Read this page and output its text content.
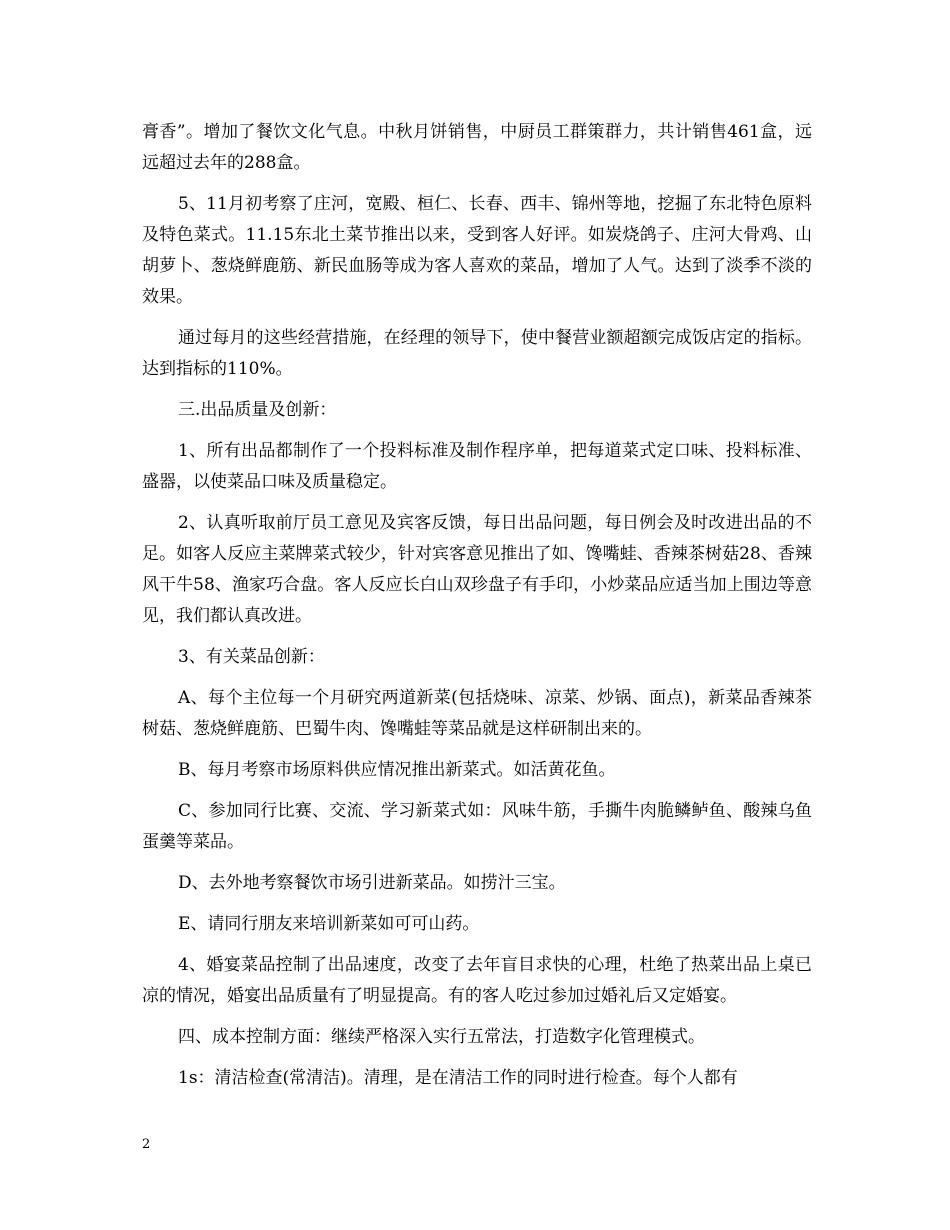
膏香”。增加了餐饮文化气息。中秋月饼销售，中厨员工群策群力，共计销售461盒，远远超过去年的288盒。

5、11月初考察了庄河，宽殿、桓仁、长春、西丰、锦州等地，挖掘了东北特色原料及特色菜式。11.15东北土菜节推出以来，受到客人好评。如炭烧鸽子、庄河大骨鸡、山胡萝卜、葱烧鲜鹿筋、新民血肠等成为客人喜欢的菜品，增加了人气。达到了淡季不淡的效果。

通过每月的这些经营措施，在经理的领导下，使中餐营业额超额完成饭店定的指标。达到指标的110%。

三.出品质量及创新：

1、所有出品都制作了一个投料标准及制作程序单，把每道菜式定口味、投料标准、盛器，以使菜品口味及质量稳定。

2、认真听取前厅员工意见及宾客反馈，每日出品问题，每日例会及时改进出品的不足。如客人反应主菜牌菜式较少，针对宾客意见推出了如、馋嘴蛙、香辣茶树菇28、香辣风干牛58、渔家巧合盘。客人反应长白山双珍盘子有手印，小炒菜品应适当加上围边等意见，我们都认真改进。

3、有关菜品创新：

A、每个主位每一个月研究两道新菜(包括烧味、凉菜、炒锅、面点)，新菜品香辣茶树菇、葱烧鲜鹿筋、巴蜀牛肉、馋嘴蛙等菜品就是这样研制出来的。

B、每月考察市场原料供应情况推出新菜式。如活黄花鱼。

C、参加同行比赛、交流、学习新菜式如：风味牛筋，手撕牛肉脆鳞鲈鱼、酸辣乌鱼蛋羹等菜品。

D、去外地考察餐饮市场引进新菜品。如捞汁三宝。

E、请同行朋友来培训新菜如可可山药。

4、婚宴菜品控制了出品速度，改变了去年盲目求快的心理，杜绝了热菜出品上桌已凉的情况，婚宴出品质量有了明显提高。有的客人吃过参加过婚礼后又定婚宴。

四、成本控制方面：继续严格深入实行五常法，打造数字化管理模式。

1s：清洁检查(常清洁)。清理，是在清洁工作的同时进行检查。每个人都有

2
